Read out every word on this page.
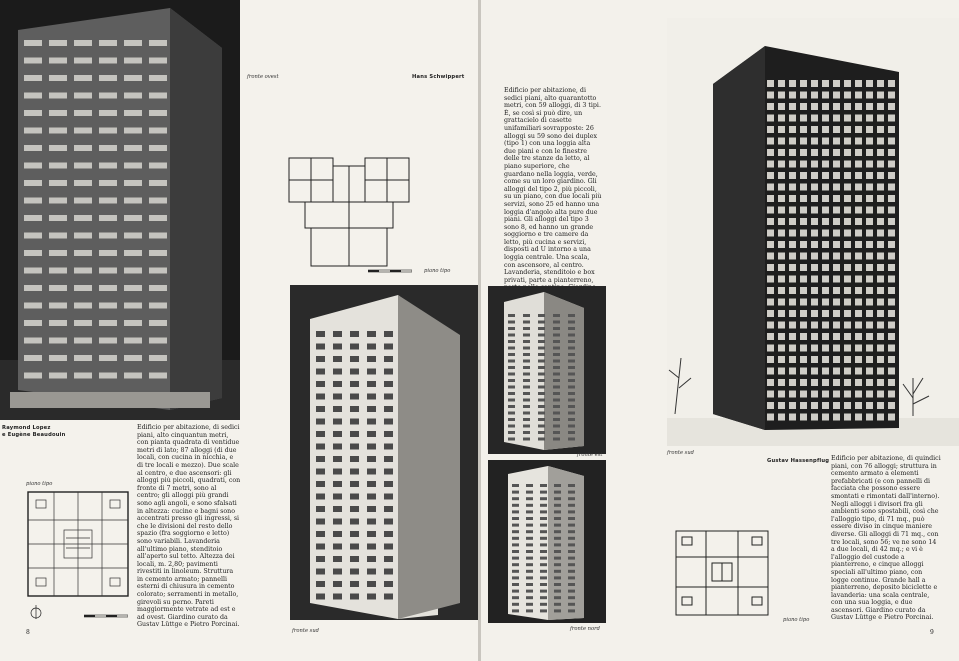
Raymond Lopez
e Eugène Beaudouin

Edificio per abitazione, di sedici piani, alto cinquantun metri, con pianta quadrata di ventidue metri di lato; 87 alloggi (di due locali, con cucina in nicchia, e di tre locali e mezzo). Due scale al centro, e due ascensori: gli alloggi più piccoli, quadrati, con fronte di 7 metri, sono al centro; gli alloggi più grandi sono agli angoli, e sono sfalsati in altezza: cucine e bagni sono accentrati presso gli ingressi, si che le divisioni del resto dello spazio (fra soggiorno e letto) sono variabili. Lavanderia all'ultimo piano, stenditoio all'aperto sul tetto. Altezza dei locali, m. 2,80; pavimenti rivestiti in linoleum. Struttura in cemento armato; pannelli esterni di chiusura in cemento colorato; serramenti in metallo, girevoli su perno. Pareti maggiormente vetrate ad est e ad ovest. Giardino curato da Gustav Lüttge e Pietro Porcinai.

piano tipo
8
fronte ovest	Hans Schwippert
piano tipo
fronte sud

Edificio per abitazione, di sedici piani, alto quarantotto metri, con 59 alloggi, di 3 tipi. È, se così si può dire, un grattacielo di casette unifamiliari sovrapposte: 26 alloggi su 59 sono dei duplex (tipo 1) con una loggia alta due piani e con le finestre delle tre stanze da letto, al piano superiore, che guardano nella loggia, verde, come su un loro giardino. Gli alloggi del tipo 2, più piccoli, su un piano, con due locali più servizi, sono 25 ed hanno una loggia d'angolo alta pure due piani. Gli alloggi del tipo 3 sono 8, ed hanno un grande soggiorno e tre camere da letto, più cucina e servizi, disposti ad U intorno a una loggia centrale. Una scala, con ascensore, al centro. Lavanderia, stenditoio e box privati, parte a pianterreno,

fronte est
fronte nord
fronte sud
Gustav Hassenpflug Edificio per abitazione, di quindici piani, con 76 alloggi; struttura in cemento armato a elementi prefabbricati (e con pannelli di facciata che possono essere smontati e rimontati dall'interno). Negli alloggi i divisori fra gli ambienti sono spostabili, così che l'alloggio tipo, di 71 mq., può essere diviso in cinque maniere diverse. Gli alloggi di 71 mq., con tre locali, sono 56; ve ne sono 14 a due locali, di 42 mq.; e vi è l'alloggio del custode a pianterreno, e cinque alloggi speciali all'ultimo piano, con logge continue. Grande hall a pianterreno, deposito biciclette e lavanderia: una scala centrale, con una sua loggia, e due ascensori. Giardino curato da Gustav Lüttge e Pietro Porcinai.

piano tipo
9
